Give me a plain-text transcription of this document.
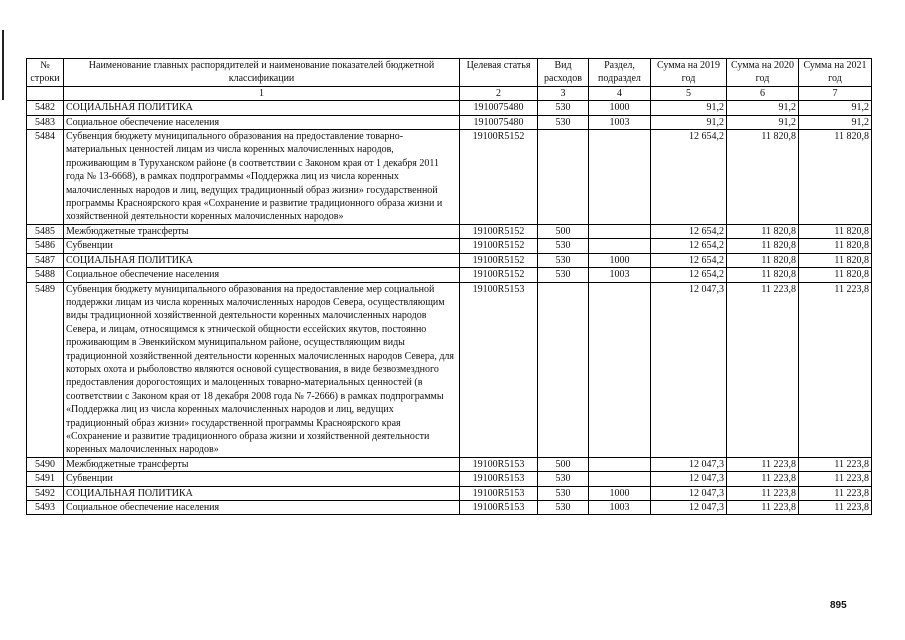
№
строки	Наименование главных распорядителей и наименование показателей бюджетной классификации	Целевая статья	Вид расходов	Раздел, подраздел	Сумма на 2019 год	Сумма на 2020 год	Сумма на 2021 год
	1	2	3	4	5	6	7
5482	СОЦИАЛЬНАЯ ПОЛИТИКА	1910075480	530	1000	91,2	91,2	91,2
5483	Социальное обеспечение населения	1910075480	530	1003	91,2	91,2	91,2
5484	Субвенция бюджету муниципального образования на предоставление товарно-материальных ценностей лицам из числа коренных малочисленных народов, проживающим в Туруханском районе (в соответствии с Законом края от 1 декабря 2011 года № 13-6668), в рамках подпрограммы «Поддержка лиц из числа коренных малочисленных народов и лиц, ведущих традиционный образ жизни» государственной программы Красноярского края «Сохранение и развитие традиционного образа жизни и хозяйственной деятельности коренных малочисленных народов»	19100R5152			12 654,2	11 820,8	11 820,8
5485	Межбюджетные трансферты	19100R5152	500		12 654,2	11 820,8	11 820,8
5486	Субвенции	19100R5152	530		12 654,2	11 820,8	11 820,8
5487	СОЦИАЛЬНАЯ ПОЛИТИКА	19100R5152	530	1000	12 654,2	11 820,8	11 820,8
5488	Социальное обеспечение населения	19100R5152	530	1003	12 654,2	11 820,8	11 820,8
5489	Субвенция бюджету муниципального образования на предоставление мер социальной поддержки лицам из числа коренных малочисленных народов Севера, осуществляющим виды традиционной хозяйственной деятельности коренных малочисленных народов Севера, и лицам, относящимся к этнической общности ессейских якутов, постоянно проживающим в Эвенкийском муниципальном районе, осуществляющим виды традиционной хозяйственной деятельности коренных малочисленных народов Севера, для которых охота и рыболовство являются основой существования, в виде безвозмездного предоставления дорогостоящих и малоценных товарно-материальных ценностей (в соответствии с Законом края от 18 декабря 2008 года № 7-2666) в рамках подпрограммы «Поддержка лиц из числа коренных малочисленных народов и лиц, ведущих традиционный образ жизни» государственной программы Красноярского края «Сохранение и развитие традиционного образа жизни и хозяйственной деятельности коренных малочисленных народов»	19100R5153			12 047,3	11 223,8	11 223,8
5490	Межбюджетные трансферты	19100R5153	500		12 047,3	11 223,8	11 223,8
5491	Субвенции	19100R5153	530		12 047,3	11 223,8	11 223,8
5492	СОЦИАЛЬНАЯ ПОЛИТИКА	19100R5153	530	1000	12 047,3	11 223,8	11 223,8
5493	Социальное обеспечение населения	19100R5153	530	1003	12 047,3	11 223,8	11 223,8
895
